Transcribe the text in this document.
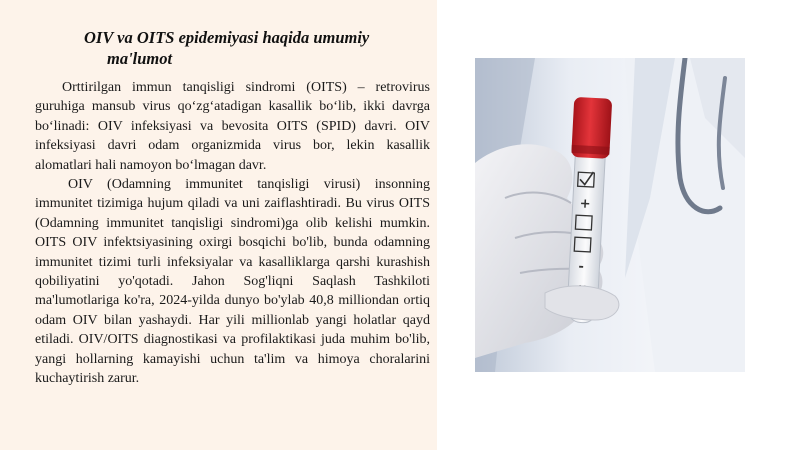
OIV va OITS epidemiyasi haqida umumiy
ma'lumot

Orttirilgan immun tanqisligi sindromi (OITS) – retrovirus guruhiga mansub virus qo‘zg‘atadigan kasallik bo‘lib, ikki davrga bo‘linadi: OIV infeksiyasi va bevosita OITS (SPID) davri. OIV infeksiyasi davri odam organizmida virus bor, lekin kasallik alomatlari hali namoyon bo‘lmagan davr.

OIV (Odamning immunitet tanqisligi virusi) insonning immunitet tizimiga hujum qiladi va uni zaiflashtiradi. Bu virus OITS (Odamning immunitet tanqisligi sindromi)ga olib kelishi mumkin. OITS OIV infektsiyasining oxirgi bosqichi bo'lib, bunda odamning immunitet tizimi turli infeksiyalar va kasalliklarga qarshi kurashish qobiliyatini yo'qotadi. Jahon Sog'liqni Saqlash Tashkiloti ma'lumotlariga ko'ra, 2024-yilda dunyo bo'ylab 40,8 milliondan ortiq odam OIV bilan yashaydi. Har yili millionlab yangi holatlar qayd etiladi. OIV/OITS diagnostikasi va profilaktikasi juda muhim bo'lib, yangi hollarning kamayishi uchun ta'lim va himoya choralarini kuchaytirish zarur.

+
-
